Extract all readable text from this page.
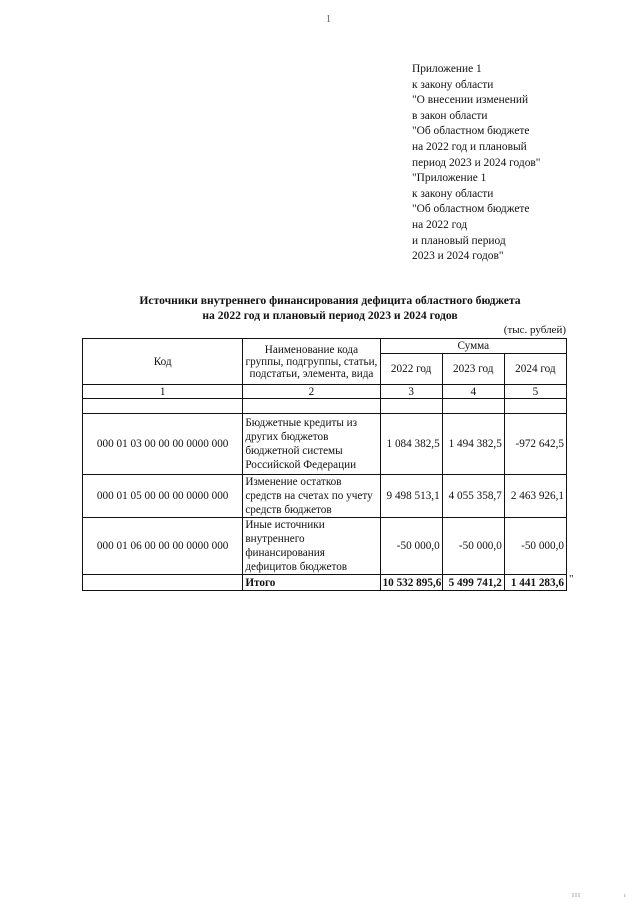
1
Приложение 1
к закону области
"О внесении изменений
в закон области
"Об областном бюджете
на 2022 год и плановый
период 2023 и 2024 годов"
"Приложение 1
к закону области
"Об областном бюджете
на 2022 год
и плановый период
2023 и 2024 годов"
Источники внутреннего финансирования дефицита областного бюджета
на 2022 год и плановый период 2023 и 2024 годов
(тыс. рублей)
Код	Наименование кода группы, подгруппы, статьи, подстатьи, элемента, вида	Сумма		
		2022 год	2023 год	2024 год
1	2	3	4	5

000 01 03 00 00 00 0000 000	Бюджетные кредиты из других бюджетов бюджетной системы Российской Федерации	1 084 382,5	1 494 382,5	-972 642,5
000 01 05 00 00 00 0000 000	Изменение остатков средств на счетах по учету средств бюджетов	9 498 513,1	4 055 358,7	2 463 926,1
000 01 06 00 00 00 0000 000	Иные источники внутреннего финансирования дефицитов бюджетов	-50 000,0	-50 000,0	-50 000,0
	Итого	10 532 895,6	5 499 741,2	1 441 283,6 "
III	ı
